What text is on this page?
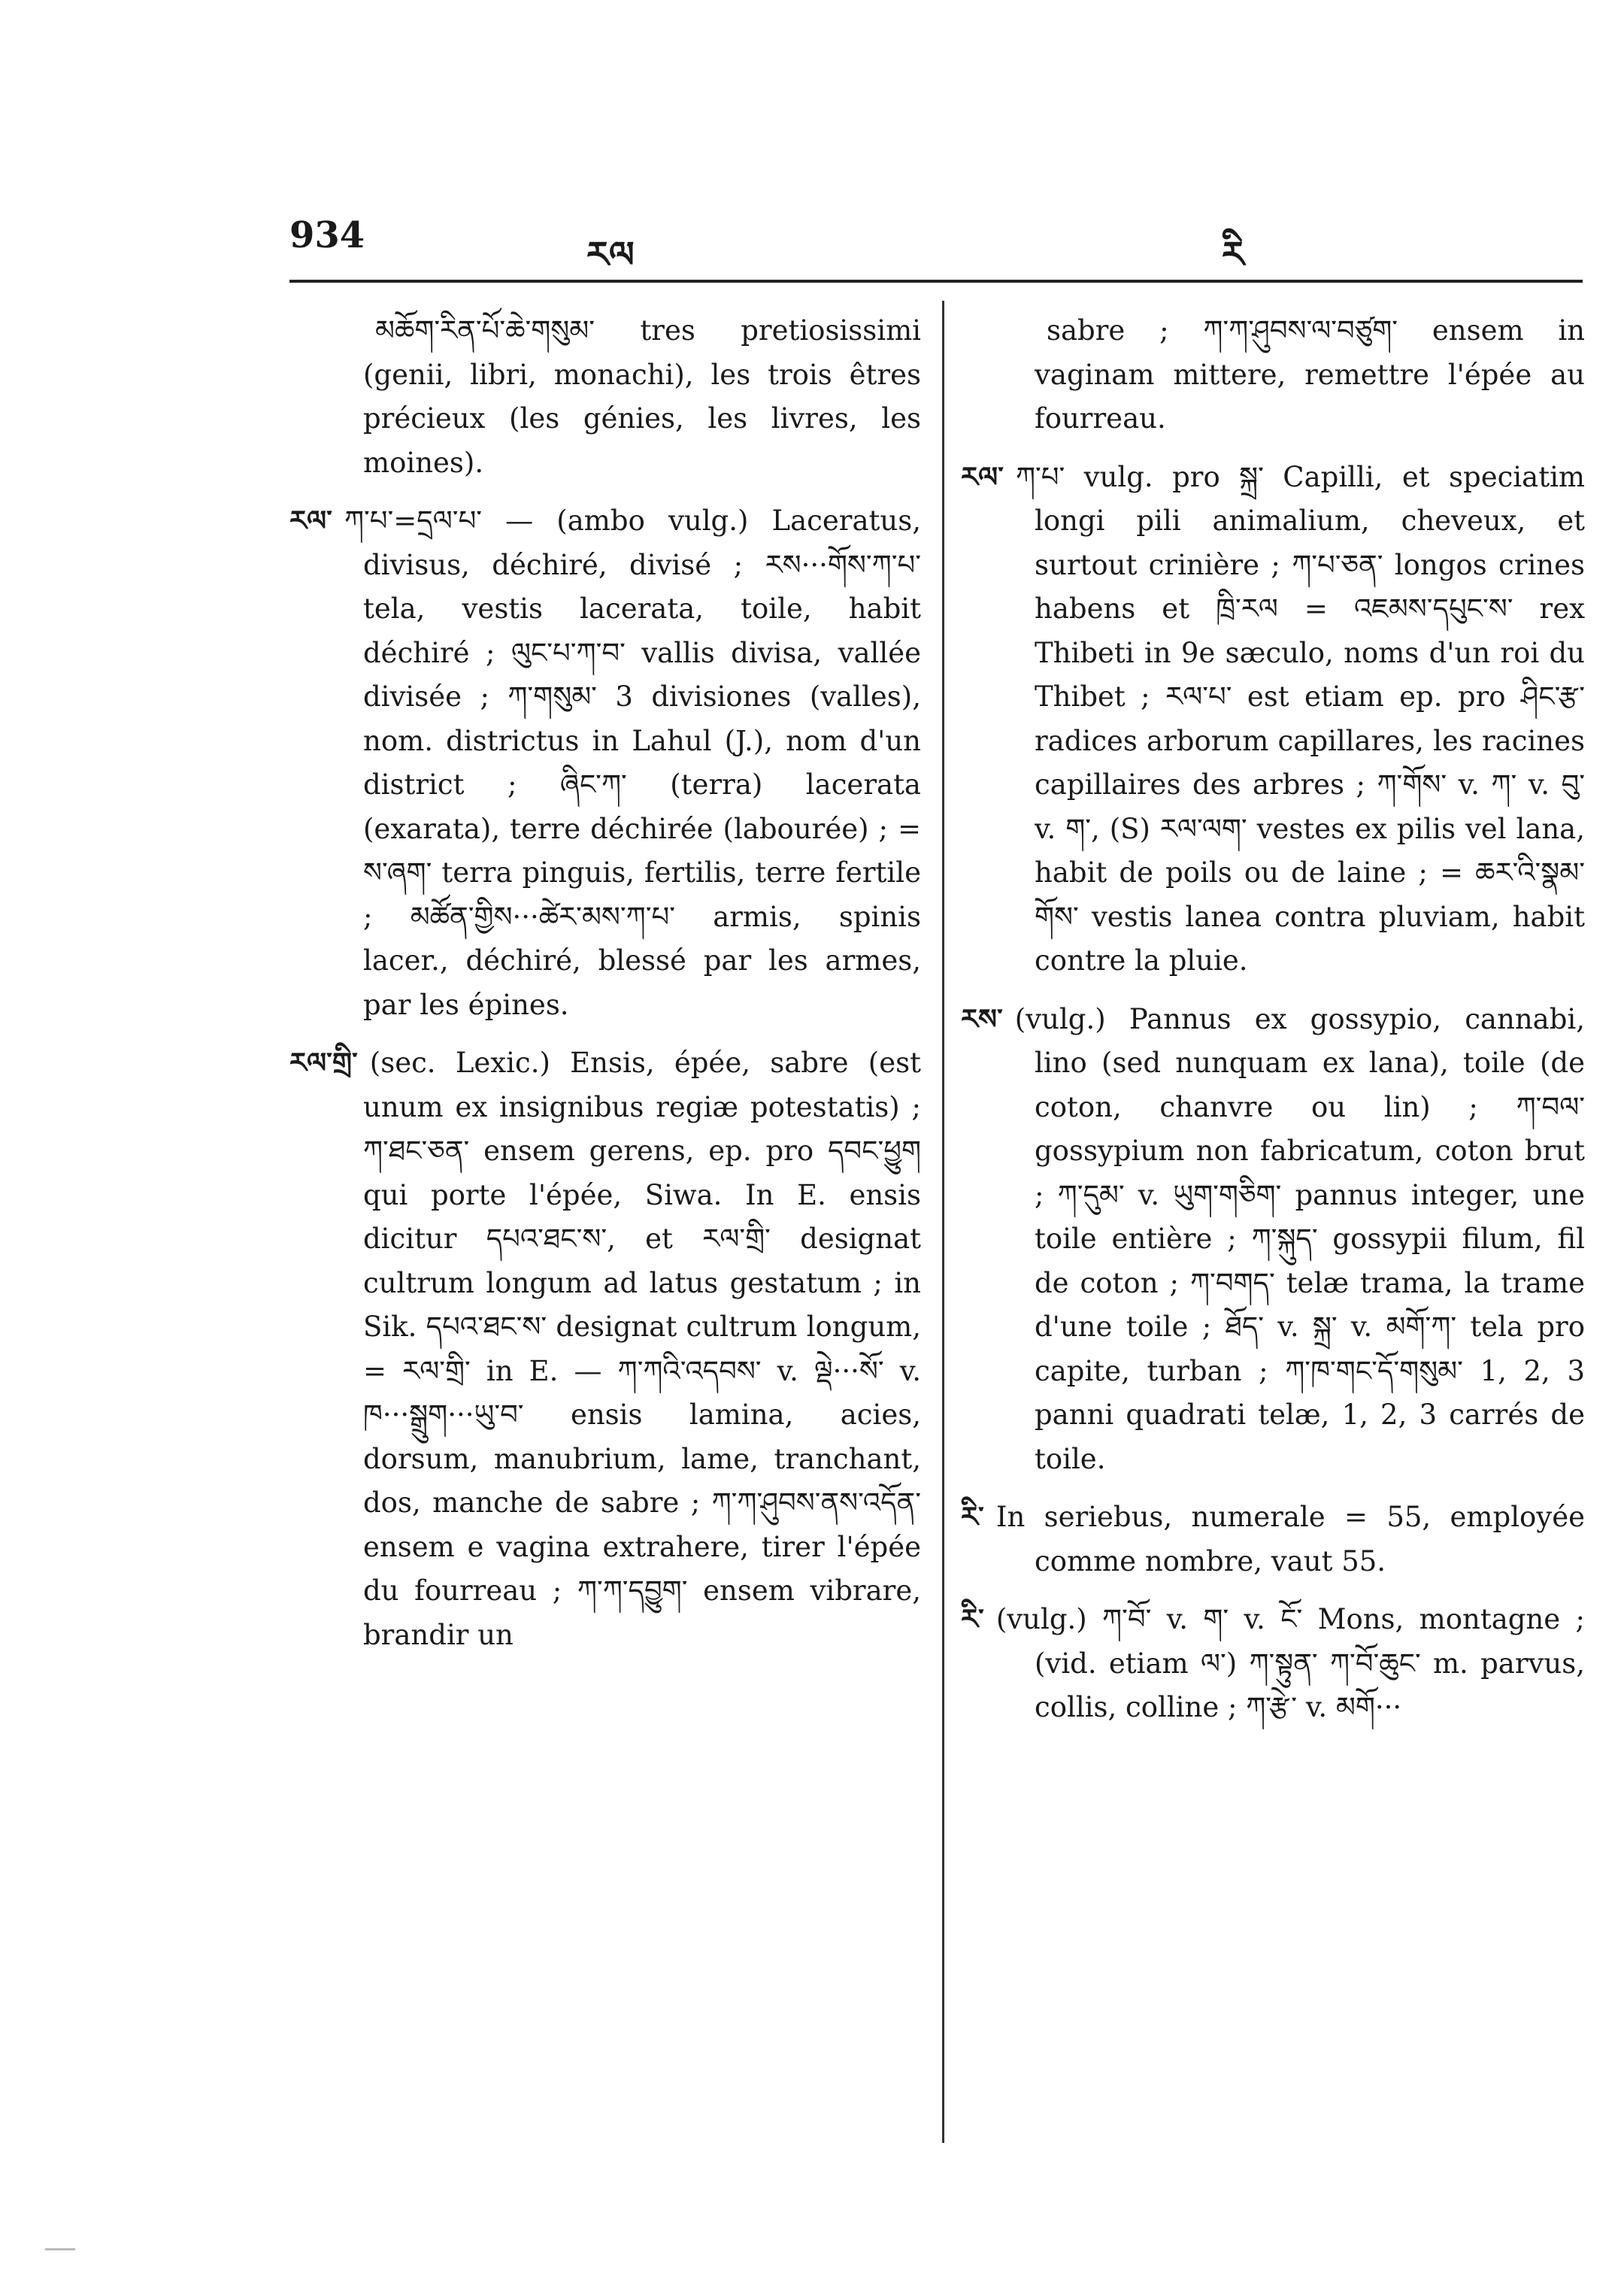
934	རལ	རི

མཆོག་རིན་པོ་ཆེ་གསུམ་ tres pretiosissimi (genii, libri, monachi), les trois êtres précieux (les génies, les livres, les moines).

རལ་ ཀ་པ་=དྲལ་པ་ — (ambo vulg.) Laceratus, divisus, déchiré, divisé ; རས···གོས་ཀ་པ་ tela, vestis lacerata, toile, habit déchiré ; ལུང་པ་ཀ་བ་ vallis divisa, vallée divisée ; ཀ་གསུམ་ 3 divisiones (valles), nom. districtus in Lahul (J.), nom d'un district ; ཞིང་ཀ་ (terra) lacerata (exarata), terre déchirée (labourée) ; = ས་ཞག་ terra pinguis, fertilis, terre fertile ; མཚོན་གྱིས···ཚེར་མས་ཀ་པ་ armis, spinis lacer., déchiré, blessé par les armes, par les épines.

རལ་གྲི་ (sec. Lexic.) Ensis, épée, sabre (est unum ex insignibus regiæ potestatis) ; ཀ་ཐང་ཅན་ ensem gerens, ep. pro དབང་ཕྱུག qui porte l'épée, Siwa. In E. ensis dicitur དཔའ་ཐང་ས་, et རལ་གྲི་ designat cultrum longum ad latus gestatum ; in Sik. དཔའ་ཐང་ས་ designat cultrum longum, = རལ་གྲི་ in E. — ཀ་ཀའི་འདབས་ v. ལྡེ···སོ་ v. ཁ···སྒྲུག···ཡུ་བ་ ensis lamina, acies, dorsum, manubrium, lame, tranchant, dos, manche de sabre ; ཀ་ཀ་ཤུབས་ནས་འདོན་ ensem e vagina extrahere, tirer l'épée du fourreau ; ཀ་ཀ་དབྱུག་ ensem vibrare, brandir un

sabre ; ཀ་ཀ་ཤུབས་ལ་བཙུག་ ensem in vaginam mittere, remettre l'épée au fourreau.

རལ་ ཀ་པ་ vulg. pro སྐྲ་ Capilli, et speciatim longi pili animalium, cheveux, et surtout crinière ; ཀ་པ་ཅན་ longos crines habens et ཁྲི་རལ = འཇམས་དཔུང་ས་ rex Thibeti in 9e sæculo, noms d'un roi du Thibet ; རལ་པ་ est etiam ep. pro ཤིང་རྩ་ radices arborum capillares, les racines capillaires des arbres ; ཀ་གོས་ v. ཀ་ v. བུ་ v. ག་, (S) རལ་ལག་ vestes ex pilis vel lana, habit de poils ou de laine ; = ཆར་འི་སྣམ་གོས་ vestis lanea contra pluviam, habit contre la pluie.

རས་ (vulg.) Pannus ex gossypio, cannabi, lino (sed nunquam ex lana), toile (de coton, chanvre ou lin) ; ཀ་བལ་ gossypium non fabricatum, coton brut ; ཀ་དུམ་ v. ཡུག་གཅིག་ pannus integer, une toile entière ; ཀ་སྐུད་ gossypii filum, fil de coton ; ཀ་བགད་ telæ trama, la trame d'une toile ; ཐོད་ v. སྐྲ་ v. མགོ་ཀ་ tela pro capite, turban ; ཀ་ཁ་གང་དོ་གསུམ་ 1, 2, 3 panni quadrati telæ, 1, 2, 3 carrés de toile.

རི་ In seriebus, numerale = 55, employée comme nombre, vaut 55.

རི་ (vulg.) ཀ་བོ་ v. ག་ v. ངོ་ Mons, montagne ; (vid. etiam ལ་) ཀ་སྟུན་ ཀ་བོ་ཆུང་ m. parvus, collis, colline ; ཀ་རྩེ་ v. མགོ···
